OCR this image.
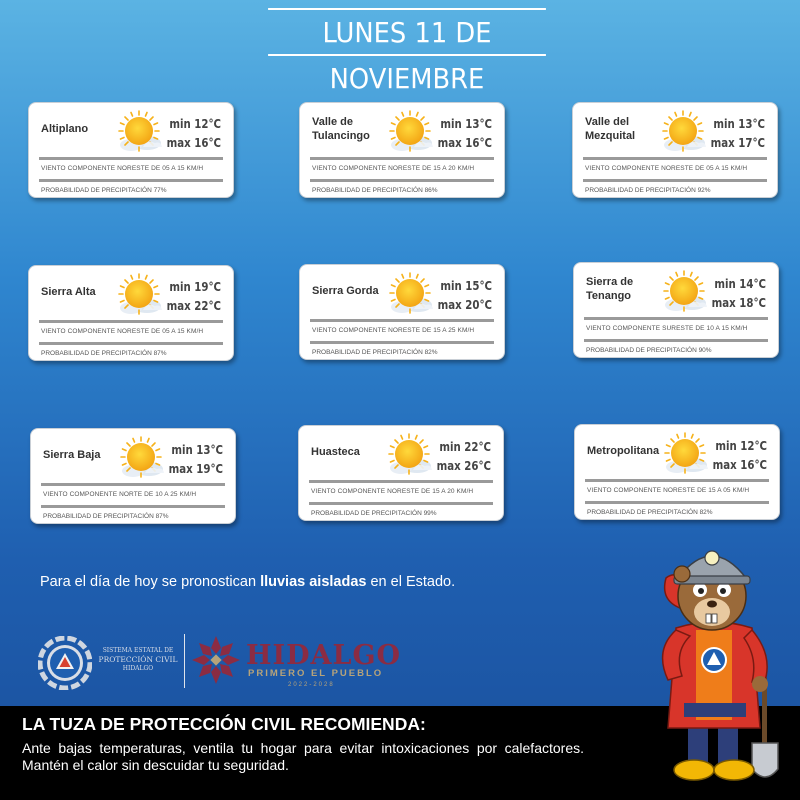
LUNES 11 DE NOVIEMBRE
Altiplano	min 12°C
max 16°C
VIENTO COMPONENTE NORESTE DE 05 A 15 KM/H
PROBABILIDAD DE PRECIPITACIÓN 77%
Valle de Tulancingo
min 13°C
max 16°C
VIENTO COMPONENTE NORESTE DE 15 A 20 KM/H
PROBABILIDAD DE PRECIPITACIÓN 86%
Valle del Mezquital
min 13°C
max 17°C
VIENTO COMPONENTE NORESTE DE 05 A 15 KM/H
PROBABILIDAD DE PRECIPITACIÓN 92%
Sierra Alta	min 19°C
max 22°C
VIENTO COMPONENTE NORESTE DE 05 A 15 KM/H
PROBABILIDAD DE PRECIPITACIÓN 87%
Sierra Gorda	min 15°C
max 20°C
VIENTO COMPONENTE NORESTE DE 15 A 25 KM/H
PROBABILIDAD DE PRECIPITACIÓN 82%
Sierra de Tenango
min 14°C
max 18°C
VIENTO COMPONENTE SURESTE DE 10 A 15 KM/H
PROBABILIDAD DE PRECIPITACIÓN 90%
Sierra Baja	min 13°C
max 19°C
VIENTO COMPONENTE NORTE DE 10 A 25 KM/H
PROBABILIDAD DE PRECIPITACIÓN 87%
Huasteca	min 22°C
max 26°C
VIENTO COMPONENTE NORESTE DE 15 A 20 KM/H
PROBABILIDAD DE PRECIPITACIÓN 99%
Metropolitana	min 12°C
max 16°C
VIENTO COMPONENTE NORESTE DE 15 A 05 KM/H
PROBABILIDAD DE PRECIPITACIÓN 82%
Para el día de hoy se pronostican lluvias aisladas en el Estado.
SISTEMA ESTATAL DE
PROTECCIÓN CIVIL
HIDALGO	HIDALGO
PRIMERO EL PUEBLO
2022-2028
LA TUZA DE PROTECCIÓN CIVIL RECOMIENDA:
Ante bajas temperaturas, ventila tu hogar para evitar intoxicaciones por calefactores. Mantén el calor sin descuidar tu seguridad.
